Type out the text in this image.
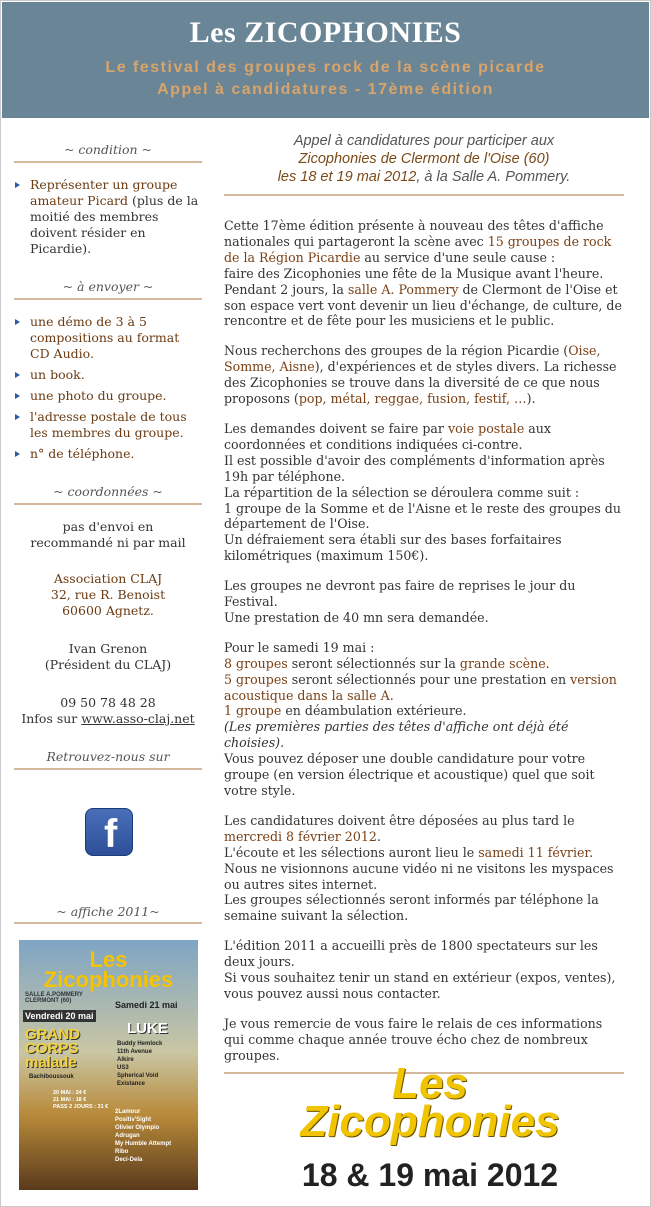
Les ZICOPHONIES
Le festival des groupes rock de la scène picarde
Appel à candidatures - 17ème édition
~ condition ~
Représenter un groupe amateur Picard (plus de la moitié des membres doivent résider en Picardie).
~ à envoyer ~
une démo de 3 à 5 compositions au format CD Audio.
un book.
une photo du groupe.
l'adresse postale de tous les membres du groupe.
n° de téléphone.
~ coordonnées ~
pas d'envoi en recommandé ni par mail
Association CLAJ
32, rue R. Benoist
60600 Agnetz.
Ivan Grenon
(Président du CLAJ)
09 50 78 48 28
Infos sur www.asso-claj.net
Retrouvez-nous sur
f
~ affiche 2011~
Les
Zicophonies
SALLE A.POMMERY CLERMONT (60)
Vendredi 20 mai
Samedi 21 mai
GRAND CORPS malade
LUKE
Bachiboussouk
Buddy Hemlock
11th Avenue
Alkire
US3
Spherical Void
Existance
20 MAI : 24 €
21 MAI : 18 €
PASS 2 JOURS : 31 €
2Lamour
Positiv'Sight
Olivier Olympio
Adrugan
My Humble Attempt
Ribo
Deci-Dela
Appel à candidatures pour participer aux
Zicophonies de Clermont de l'Oise (60)
les 18 et 19 mai 2012, à la Salle A. Pommery.
Cette 17ème édition présente à nouveau des têtes d'affiche nationales qui partageront la scène avec 15 groupes de rock de la Région Picardie au service d'une seule cause :
faire des Zicophonies une fête de la Musique avant l'heure.
Pendant 2 jours, la salle A. Pommery de Clermont de l'Oise et son espace vert vont devenir un lieu d'échange, de culture, de rencontre et de fête pour les musiciens et le public.
Nous recherchons des groupes de la région Picardie (Oise, Somme, Aisne), d'expériences et de styles divers. La richesse des Zicophonies se trouve dans la diversité de ce que nous proposons (pop, métal, reggae, fusion, festif, …).
Les demandes doivent se faire par voie postale aux coordonnées et conditions indiquées ci-contre.
Il est possible d'avoir des compléments d'information après 19h par téléphone.
La répartition de la sélection se déroulera comme suit :
1 groupe de la Somme et de l'Aisne et le reste des groupes du département de l'Oise.
Un défraiement sera établi sur des bases forfaitaires kilométriques (maximum 150€).
Les groupes ne devront pas faire de reprises le jour du Festival.
Une prestation de 40 mn sera demandée.
Pour le samedi 19 mai :
8 groupes seront sélectionnés sur la grande scène.
5 groupes seront sélectionnés pour une prestation en version acoustique dans la salle A.
1 groupe en déambulation extérieure.
(Les premières parties des têtes d'affiche ont déjà été choisies).
Vous pouvez déposer une double candidature pour votre groupe (en version électrique et acoustique) quel que soit votre style.
Les candidatures doivent être déposées au plus tard le mercredi 8 février 2012.
L'écoute et les sélections auront lieu le samedi 11 février.
Nous ne visionnons aucune vidéo ni ne visitons les myspaces ou autres sites internet.
Les groupes sélectionnés seront informés par téléphone la semaine suivant la sélection.
L'édition 2011 a accueilli près de 1800 spectateurs sur les deux jours.
Si vous souhaitez tenir un stand en extérieur (expos, ventes), vous pouvez aussi nous contacter.
Je vous remercie de vous faire le relais de ces informations qui comme chaque année trouve écho chez de nombreux groupes.
Les
Zicophonies
18 & 19 mai 2012
